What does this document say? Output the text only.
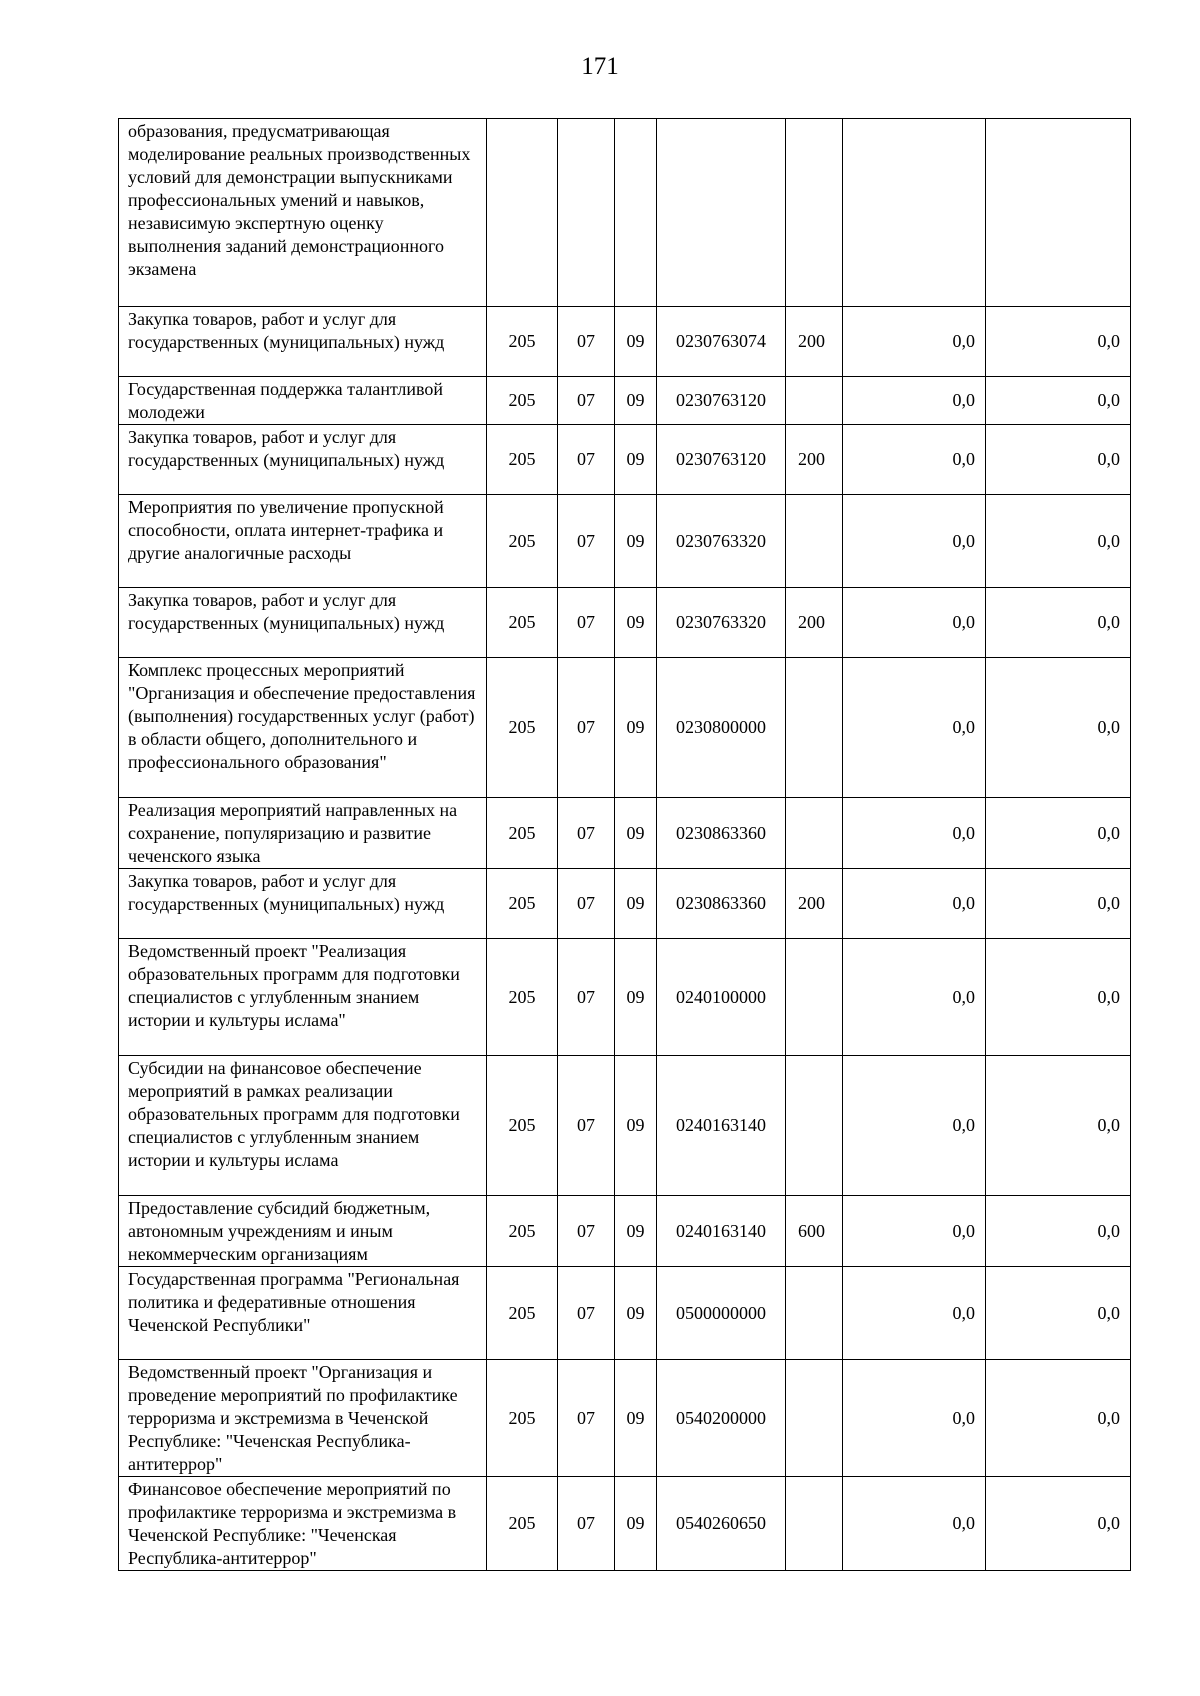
171
образования, предусматривающая моделирование реальных производственных условий для демонстрации выпускниками профессиональных умений и навыков, независимую экспертную оценку выполнения заданий демонстрационного экзамена							
Закупка товаров, работ и услуг для государственных (муниципальных) нужд	205	07	09	0230763074	200	0,0	0,0
Государственная поддержка талантливой молодежи	205	07	09	0230763120		0,0	0,0
Закупка товаров, работ и услуг для государственных (муниципальных) нужд	205	07	09	0230763120	200	0,0	0,0
Мероприятия по увеличение пропускной способности, оплата интернет-трафика и другие аналогичные расходы	205	07	09	0230763320		0,0	0,0
Закупка товаров, работ и услуг для государственных (муниципальных) нужд	205	07	09	0230763320	200	0,0	0,0
Комплекс процессных мероприятий "Организация и обеспечение предоставления (выполнения) государственных услуг (работ) в области общего, дополнительного и профессионального образования"	205	07	09	0230800000		0,0	0,0
Реализация мероприятий направленных на сохранение, популяризацию и развитие чеченского языка	205	07	09	0230863360		0,0	0,0
Закупка товаров, работ и услуг для государственных (муниципальных) нужд	205	07	09	0230863360	200	0,0	0,0
Ведомственный проект "Реализация образовательных программ для подготовки специалистов с углубленным знанием истории и культуры ислама"	205	07	09	0240100000		0,0	0,0
Субсидии на финансовое обеспечение мероприятий в рамках реализации образовательных программ для подготовки специалистов с углубленным знанием истории и культуры ислама	205	07	09	0240163140		0,0	0,0
Предоставление субсидий бюджетным, автономным учреждениям и иным некоммерческим организациям	205	07	09	0240163140	600	0,0	0,0
Государственная программа "Региональная политика и федеративные отношения Чеченской Республики"	205	07	09	0500000000		0,0	0,0
Ведомственный проект "Организация и проведение мероприятий по профилактике терроризма и экстремизма в Чеченской Республике: "Чеченская Республика-антитеррор"	205	07	09	0540200000		0,0	0,0
Финансовое обеспечение мероприятий по профилактике терроризма и экстремизма в Чеченской Республике: "Чеченская Республика-антитеррор"	205	07	09	0540260650		0,0	0,0
